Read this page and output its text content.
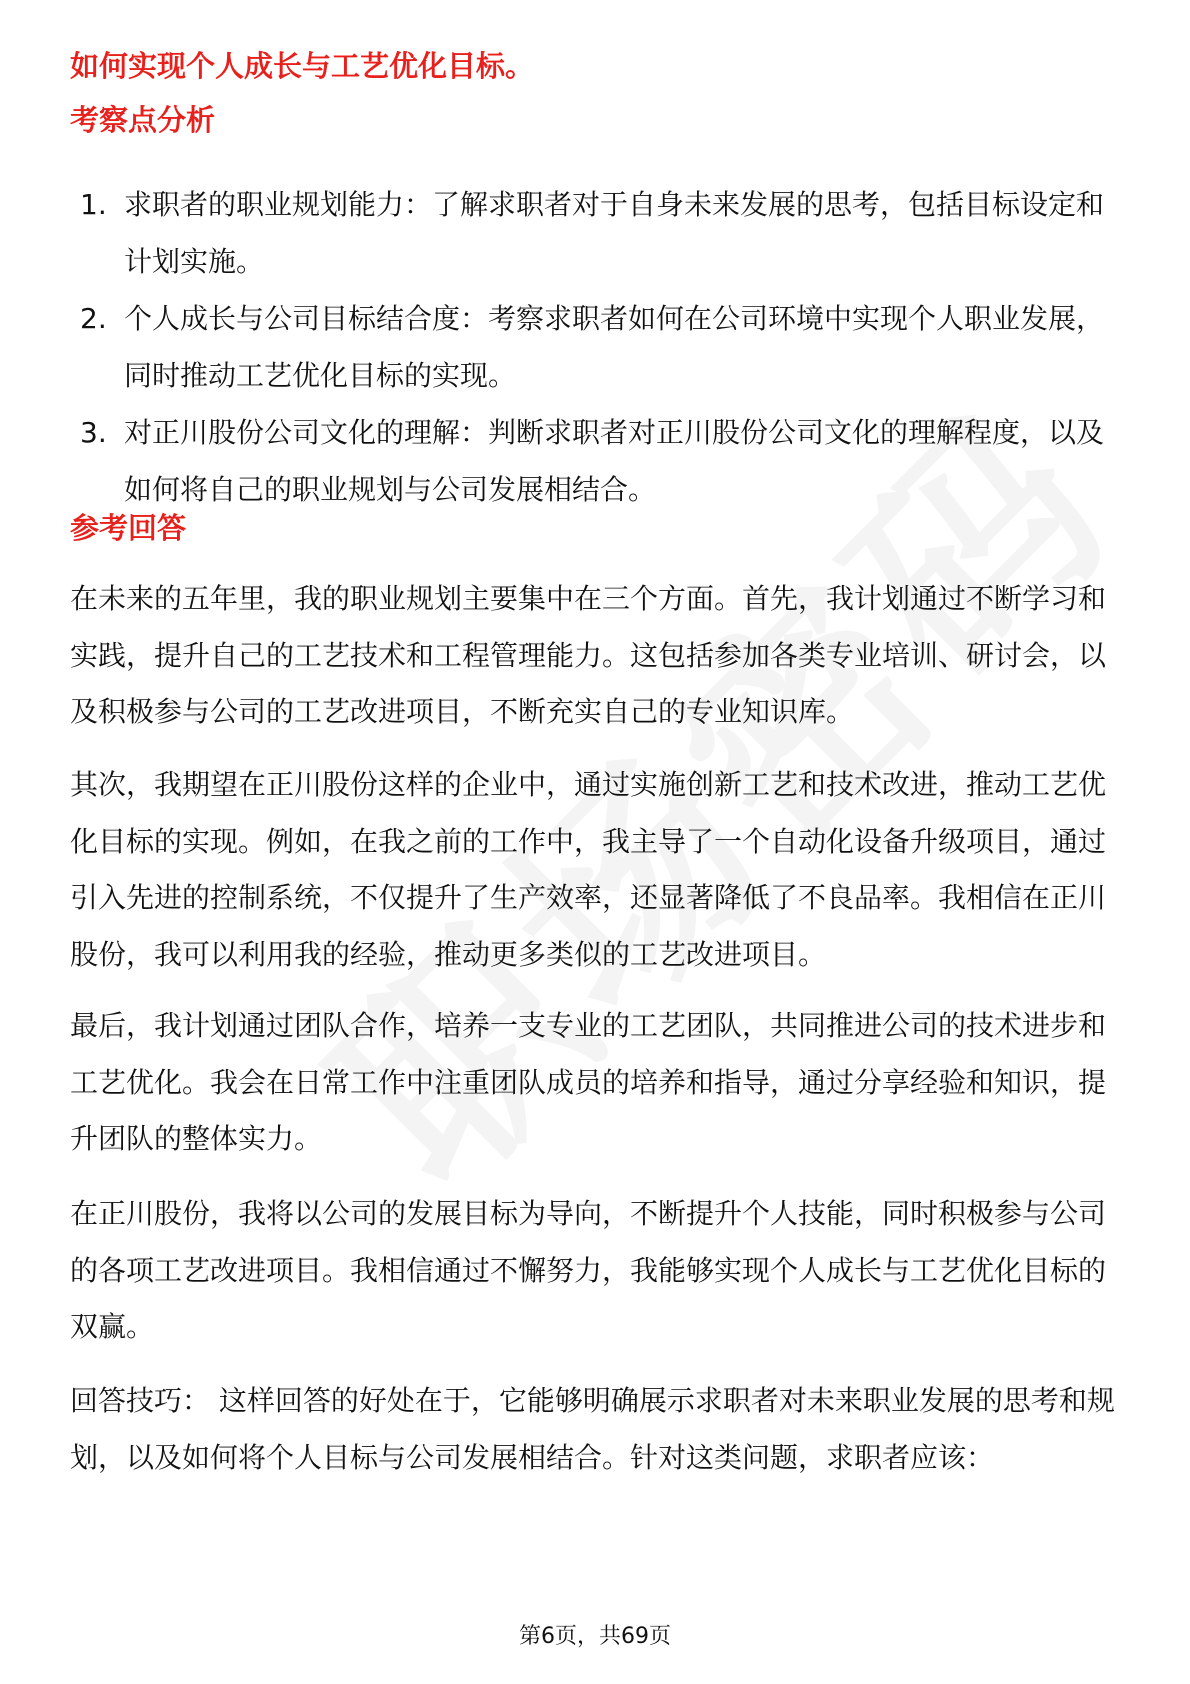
如何实现个人成长与工艺优化目标。
考察点分析
1. 求职者的职业规划能力：了解求职者对于自身未来发展的思考，包括目标设定和计划实施。
2. 个人成长与公司目标结合度：考察求职者如何在公司环境中实现个人职业发展，同时推动工艺优化目标的实现。
3. 对正川股份公司文化的理解：判断求职者对正川股份公司文化的理解程度，以及如何将自己的职业规划与公司发展相结合。
参考回答
在未来的五年里，我的职业规划主要集中在三个方面。首先，我计划通过不断学习和实践，提升自己的工艺技术和工程管理能力。这包括参加各类专业培训、研讨会，以及积极参与公司的工艺改进项目，不断充实自己的专业知识库。
其次，我期望在正川股份这样的企业中，通过实施创新工艺和技术改进，推动工艺优化目标的实现。例如，在我之前的工作中，我主导了一个自动化设备升级项目，通过引入先进的控制系统，不仅提升了生产效率，还显著降低了不良品率。我相信在正川股份，我可以利用我的经验，推动更多类似的工艺改进项目。
最后，我计划通过团队合作，培养一支专业的工艺团队，共同推进公司的技术进步和工艺优化。我会在日常工作中注重团队成员的培养和指导，通过分享经验和知识，提升团队的整体实力。
在正川股份，我将以公司的发展目标为导向，不断提升个人技能，同时积极参与公司的各项工艺改进项目。我相信通过不懈努力，我能够实现个人成长与工艺优化目标的双赢。
回答技巧： 这样回答的好处在于，它能够明确展示求职者对未来职业发展的思考和规划，以及如何将个人目标与公司发展相结合。针对这类问题，求职者应该：
第6页，共69页
